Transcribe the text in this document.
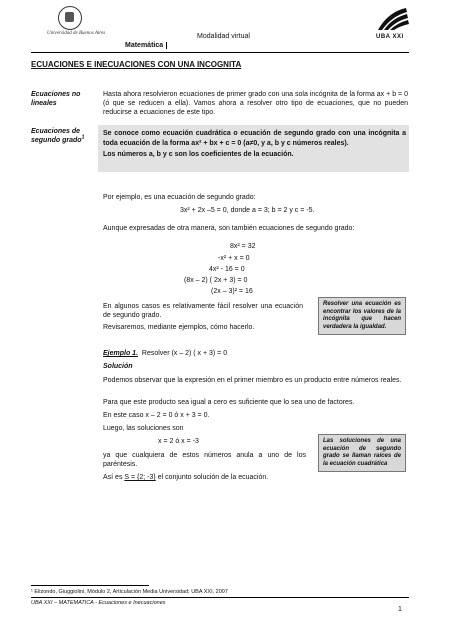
Universidad de Buenos Aires	Modalidad virtual	UBA XXI
Matemática
ECUACIONES E INECUACIONES CON UNA INCOGNITA
Ecuaciones no lineales
Hasta ahora resolvieron ecuaciones de primer grado con una sola incógnita de la forma ax + b = 0 (ó que se reducen a ella). Vamos ahora a resolver otro tipo de ecuaciones, que no pueden reducirse a ecuaciones de este tipo.
Ecuaciones de segundo grado$^1$
Se conoce como ecuación cuadrática o ecuación de segundo grado con una incógnita a toda ecuación de la forma ax² + bx + c = 0 (a≠0, y a, b y c números reales).
Los números a, b y c son los coeficientes de la ecuación.
Por ejemplo, es una ecuación de segundo grado:
3x² + 2x –5 = 0, donde a = 3; b = 2 y c = -5.
Aunque expresadas de otra manera, son también ecuaciones de segundo grado:
8x² = 32
-x² + x = 0
4x² - 16 = 0
(8x – 2) ( 2x + 3) = 0
(2x – 3)² = 16
En algunos casos es relativamente fácil resolver una ecuación de segundo grado.
Revisaremos, mediante ejemplos, cómo hacerlo.
Resolver una ecuación es encontrar los valores de la incógnita que hacen verdadera la igualdad.
Ejemplo 1. Resolver (x – 2) ( x + 3) = 0
Solución
Podemos observar que la expresión en el primer miembro es un producto entre números reales.
Para que este producto sea igual a cero es suficiente que lo sea uno de factores.
En este caso x – 2 = 0 ó x + 3 = 0.
Luego, las soluciones son
x = 2 ó x = -3
ya que cualquiera de estos números anula a uno de los paréntesis.
Así es S = {2; -3} el conjunto solución de la ecuación.
Las soluciones de una ecuación de segundo grado se llaman raíces de la ecuación cuadrática
¹ Elizondo, Giuggiolini, Módulo 2, Articulación Media Universidad; UBA XXI, 2007
UBA XXI – MATEMATICA - Ecuaciones e Inecuaciones
1
